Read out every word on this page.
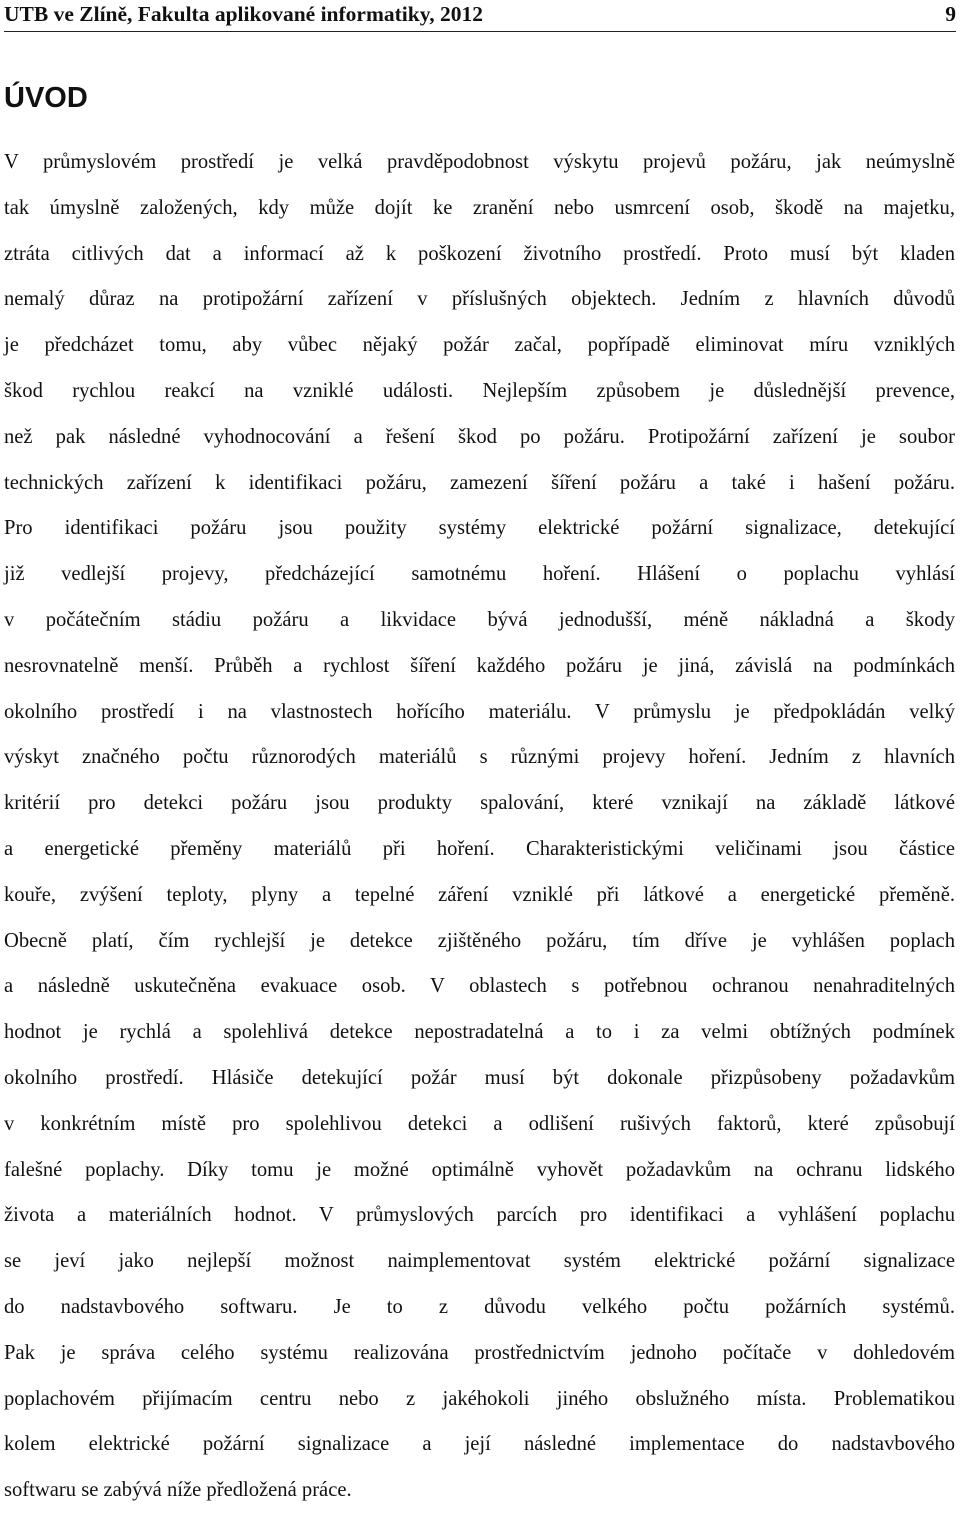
UTB ve Zlíně, Fakulta aplikované informatiky, 2012	9
ÚVOD

V průmyslovém prostředí je velká pravděpodobnost výskytu projevů požáru, jak neúmyslně
tak úmyslně založených, kdy může dojít ke zranění nebo usmrcení osob, škodě na majetku,
ztráta citlivých dat a informací až k poškození životního prostředí. Proto musí být kladen
nemalý důraz na protipožární zařízení v příslušných objektech. Jedním z hlavních důvodů
je předcházet tomu, aby vůbec nějaký požár začal, popřípadě eliminovat míru vzniklých
škod rychlou reakcí na vzniklé události. Nejlepším způsobem je důslednější prevence,
než pak následné vyhodnocování a řešení škod po požáru. Protipožární zařízení je soubor
technických zařízení k identifikaci požáru, zamezení šíření požáru a také i hašení požáru.
Pro identifikaci požáru jsou použity systémy elektrické požární signalizace, detekující
již vedlejší projevy, předcházející samotnému hoření. Hlášení o poplachu vyhlásí
v počátečním stádiu požáru a likvidace bývá jednodušší, méně nákladná a škody
nesrovnatelně menší. Průběh a rychlost šíření každého požáru je jiná, závislá na podmínkách
okolního prostředí i na vlastnostech hořícího materiálu. V průmyslu je předpokládán velký
výskyt značného počtu různorodých materiálů s různými projevy hoření. Jedním z hlavních
kritérií pro detekci požáru jsou produkty spalování, které vznikají na základě látkové
a energetické přeměny materiálů při hoření. Charakteristickými veličinami jsou částice
kouře, zvýšení teploty, plyny a tepelné záření vzniklé při látkové a energetické přeměně.
Obecně platí, čím rychlejší je detekce zjištěného požáru, tím dříve je vyhlášen poplach
a následně uskutečněna evakuace osob. V oblastech s potřebnou ochranou nenahraditelných
hodnot je rychlá a spolehlivá detekce nepostradatelná a to i za velmi obtížných podmínek
okolního prostředí. Hlásiče detekující požár musí být dokonale přizpůsobeny požadavkům
v konkrétním místě pro spolehlivou detekci a odlišení rušivých faktorů, které způsobují
falešné poplachy. Díky tomu je možné optimálně vyhovět požadavkům na ochranu lidského
života a materiálních hodnot. V průmyslových parcích pro identifikaci a vyhlášení poplachu
se jeví jako nejlepší možnost naimplementovat systém elektrické požární signalizace
do nadstavbového softwaru. Je to z důvodu velkého počtu požárních systémů.
Pak je správa celého systému realizována prostřednictvím jednoho počítače v dohledovém
poplachovém přijímacím centru nebo z jakéhokoli jiného obslužného místa. Problematikou
kolem elektrické požární signalizace a její následné implementace do nadstavbového
softwaru se zabývá níže předložená práce.
